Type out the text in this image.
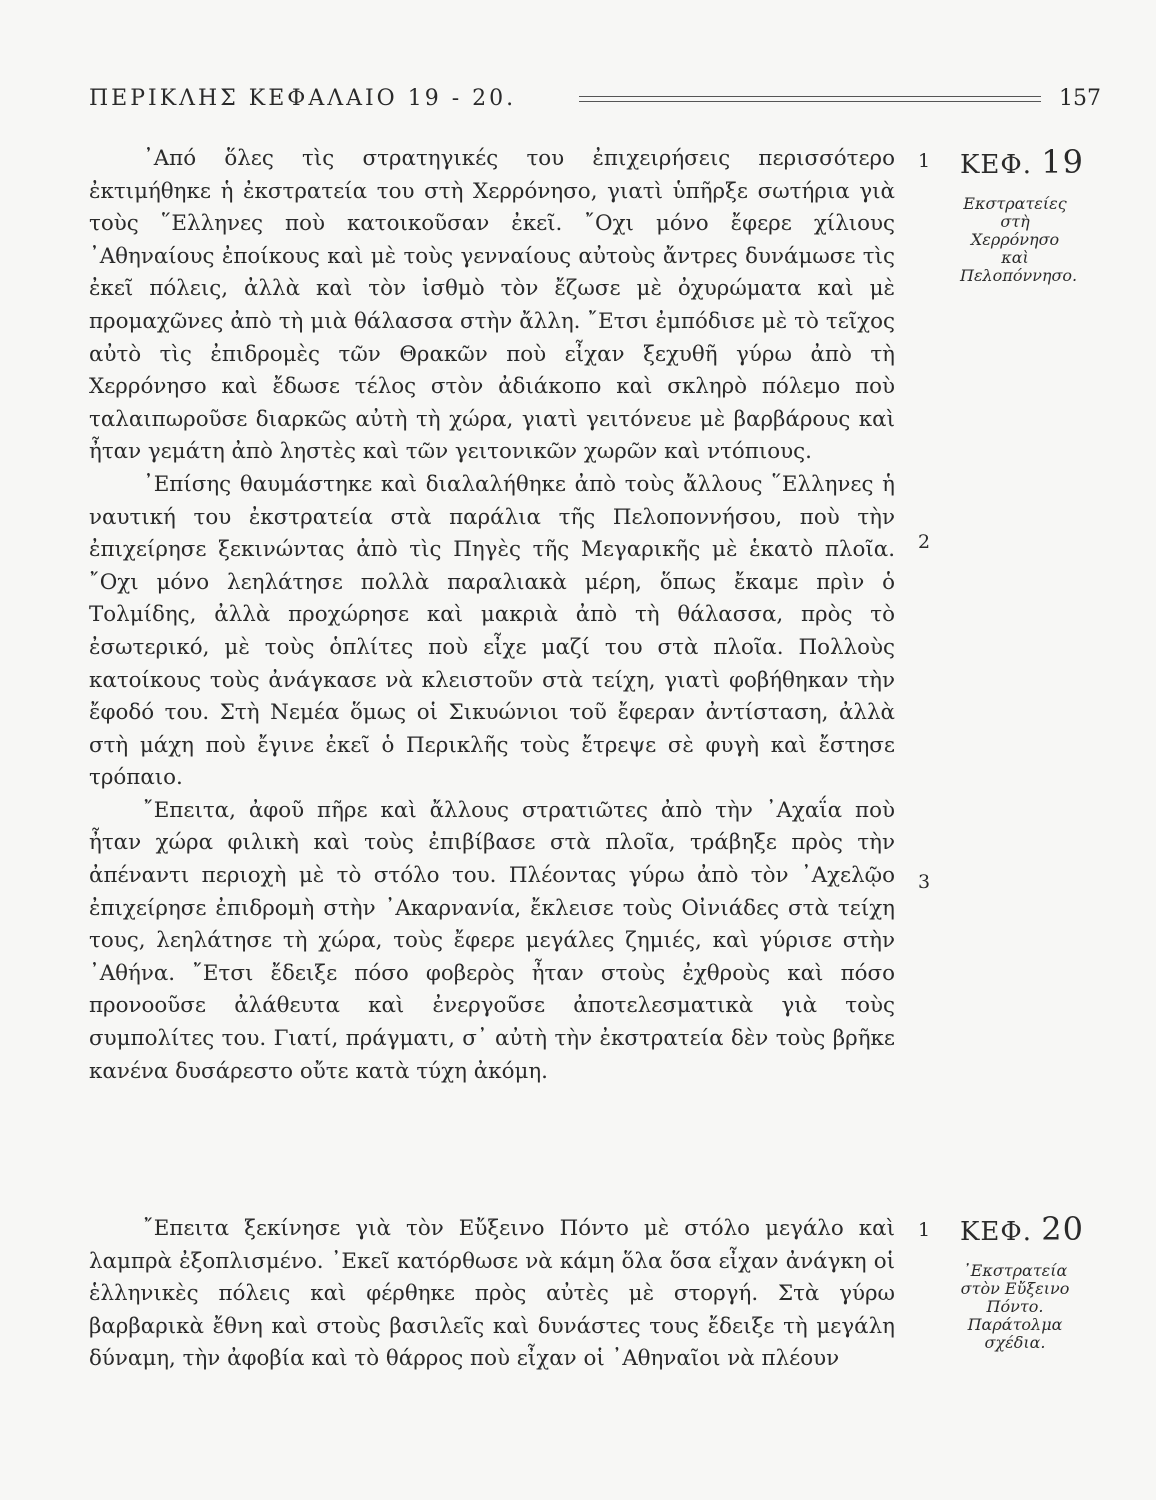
ΠΕΡΙΚΛΗΣ ΚΕΦΑΛΑΙΟ 19 - 20.	157

᾿Από ὅλες τὶς στρατηγικές του ἐπιχειρήσεις περισσότερο ἐκτιμήθηκε ἡ ἐκστρατεία του στὴ Χερρόνησο, γιατὶ ὑπῆρξε σωτήρια γιὰ τοὺς ῞Ελληνες ποὺ κατοικοῦσαν ἐκεῖ. ῎Οχι μόνο ἔφερε χίλιους ᾿Αθηναίους ἐποίκους καὶ μὲ τοὺς γενναίους αὐτοὺς ἄντρες δυνάμωσε τὶς ἐκεῖ πόλεις, ἀλλὰ καὶ τὸν ἰσθμὸ τὸν ἔζωσε μὲ ὀχυρώματα καὶ μὲ προμαχῶνες ἀπὸ τὴ μιὰ θάλασσα στὴν ἄλλη. ῎Ετσι ἐμπόδισε μὲ τὸ τεῖχος αὐτὸ τὶς ἐπιδρομὲς τῶν Θρακῶν ποὺ εἶχαν ξεχυθῆ γύρω ἀπὸ τὴ Χερρόνησο καὶ ἔδωσε τέλος στὸν ἀδιάκοπο καὶ σκληρὸ πόλεμο ποὺ ταλαιπωροῦσε διαρκῶς αὐτὴ τὴ χώρα, γιατὶ γειτόνευε μὲ βαρβάρους καὶ ἦταν γεμάτη ἀπὸ ληστὲς καὶ τῶν γειτονικῶν χωρῶν καὶ ντόπιους.

᾿Επίσης θαυμάστηκε καὶ διαλαλήθηκε ἀπὸ τοὺς ἄλλους ῞Ελληνες ἡ ναυτική του ἐκστρατεία στὰ παράλια τῆς Πελοποννήσου, ποὺ τὴν ἐπιχείρησε ξεκινώντας ἀπὸ τὶς Πηγὲς τῆς Μεγαρικῆς μὲ ἑκατὸ πλοῖα. ῎Οχι μόνο λεηλάτησε πολλὰ παραλιακὰ μέρη, ὅπως ἔκαμε πρὶν ὁ Τολμίδης, ἀλλὰ προχώρησε καὶ μακριὰ ἀπὸ τὴ θάλασσα, πρὸς τὸ ἐσωτερικό, μὲ τοὺς ὁπλίτες ποὺ εἶχε μαζί του στὰ πλοῖα. Πολλοὺς κατοίκους τοὺς ἀνάγκασε νὰ κλειστοῦν στὰ τείχη, γιατὶ φοβήθηκαν τὴν ἔφοδό του. Στὴ Νεμέα ὅμως οἱ Σικυώνιοι τοῦ ἔφεραν ἀντίσταση, ἀλλὰ στὴ μάχη ποὺ ἔγινε ἐκεῖ ὁ Περικλῆς τοὺς ἔτρεψε σὲ φυγὴ καὶ ἔστησε τρόπαιο.

῎Επειτα, ἀφοῦ πῆρε καὶ ἄλλους στρατιῶτες ἀπὸ τὴν ᾿Αχαΐα ποὺ ἦταν χώρα φιλικὴ καὶ τοὺς ἐπιβίβασε στὰ πλοῖα, τράβηξε πρὸς τὴν ἀπέναντι περιοχὴ μὲ τὸ στόλο του. Πλέοντας γύρω ἀπὸ τὸν ᾿Αχελῷο ἐπιχείρησε ἐπιδρομὴ στὴν ᾿Ακαρνανία, ἔκλεισε τοὺς Οἰνιάδες στὰ τείχη τους, λεηλάτησε τὴ χώρα, τοὺς ἔφερε μεγάλες ζημιές, καὶ γύρισε στὴν ᾿Αθήνα. ῎Ετσι ἔδειξε πόσο φοβερὸς ἦταν στοὺς ἐχθροὺς καὶ πόσο προνοοῦσε ἀλάθευτα καὶ ἐνεργοῦσε ἀποτελεσματικὰ γιὰ τοὺς συμπολίτες του. Γιατί, πράγματι, σ᾿ αὐτὴ τὴν ἐκστρατεία δὲν τοὺς βρῆκε κανένα δυσάρεστο οὔτε κατὰ τύχη ἀκόμη.

1
2
3
ΚΕΦ. 19
Εκστρατείες στὴ Χερρόνησο καὶ Πελοπόννησο.

῎Επειτα ξεκίνησε γιὰ τὸν Εὔξεινο Πόντο μὲ στόλο μεγάλο καὶ λαμπρὰ ἐξοπλισμένο. ᾿Εκεῖ κατόρθωσε νὰ κάμη ὅλα ὅσα εἶχαν ἀνάγκη οἱ ἑλληνικὲς πόλεις καὶ φέρθηκε πρὸς αὐτὲς μὲ στοργή. Στὰ γύρω βαρβαρικὰ ἔθνη καὶ στοὺς βασιλεῖς καὶ δυνάστες τους ἔδειξε τὴ μεγάλη δύναμη, τὴν ἀφοβία καὶ τὸ θάρρος ποὺ εἶχαν οἱ ᾿Αθηναῖοι νὰ πλέουν

1 ΚΕΦ. 20
᾿Εκστρατεία στὸν Εὔξεινο Πόντο. Παράτολμα σχέδια.
